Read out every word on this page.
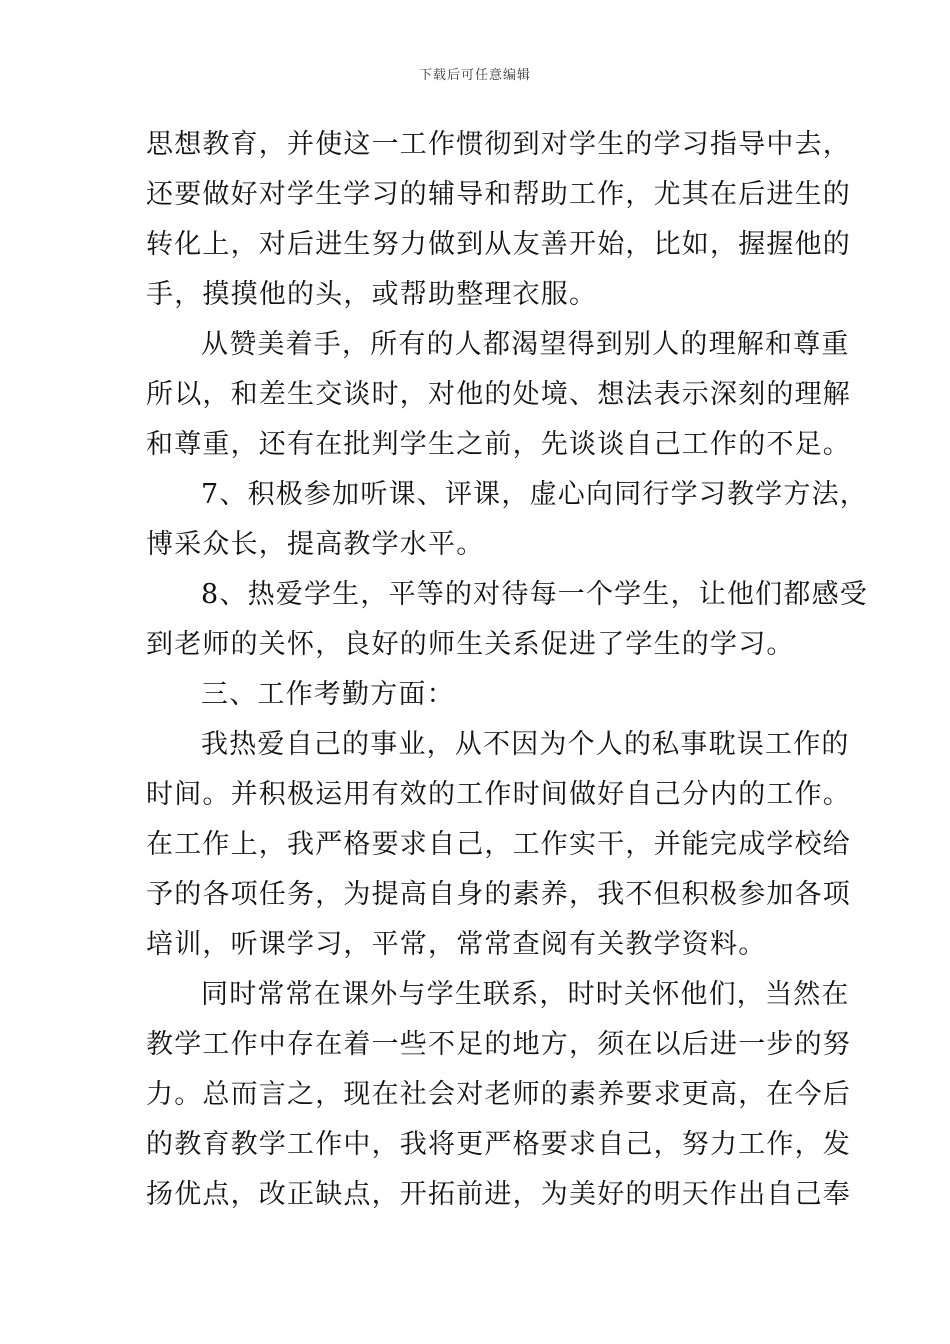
下载后可任意编辑

思想教育，并使这一工作惯彻到对学生的学习指导中去，
还要做好对学生学习的辅导和帮助工作，尤其在后进生的
转化上，对后进生努力做到从友善开始，比如，握握他的
手，摸摸他的头，或帮助整理衣服。

从赞美着手，所有的人都渴望得到别人的理解和尊重
所以，和差生交谈时，对他的处境、想法表示深刻的理解
和尊重，还有在批判学生之前，先谈谈自己工作的不足。

7、积极参加听课、评课，虚心向同行学习教学方法，
博采众长，提高教学水平。

8、热爱学生，平等的对待每一个学生，让他们都感受
到老师的关怀，良好的师生关系促进了学生的学习。

三、工作考勤方面：

我热爱自己的事业，从不因为个人的私事耽误工作的
时间。并积极运用有效的工作时间做好自己分内的工作。
在工作上，我严格要求自己，工作实干，并能完成学校给
予的各项任务，为提高自身的素养，我不但积极参加各项
培训，听课学习，平常，常常查阅有关教学资料。

同时常常在课外与学生联系，时时关怀他们，当然在
教学工作中存在着一些不足的地方，须在以后进一步的努
力。总而言之，现在社会对老师的素养要求更高，在今后
的教育教学工作中，我将更严格要求自己，努力工作，发
扬优点，改正缺点，开拓前进，为美好的明天作出自己奉
